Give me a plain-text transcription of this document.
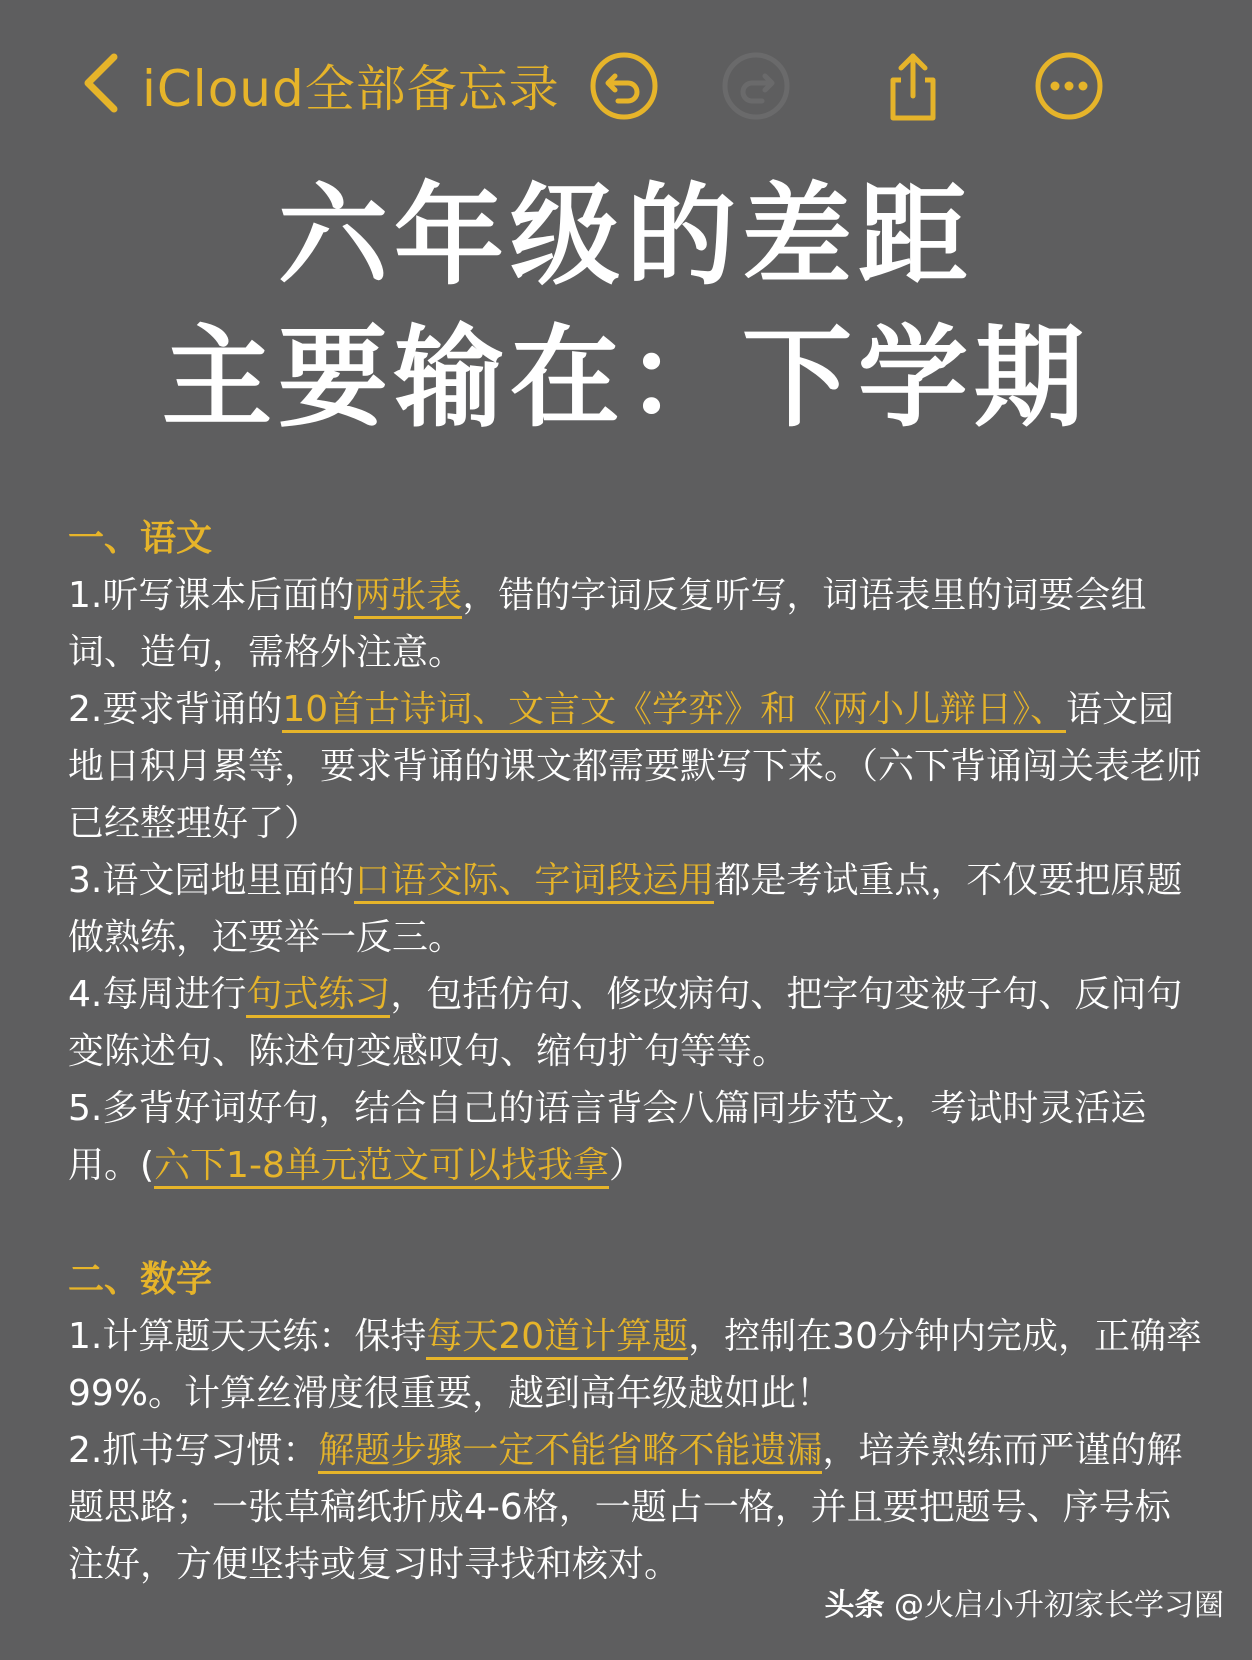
iCloud全部备忘录
六年级的差距
主要输在：下学期
一、语文

1.听写课本后面的两张表，错的字词反复听写，词语表里的词要会组词、造句，需格外注意。

2.要求背诵的10首古诗词、文言文《学弈》和《两小儿辩日》、语文园地日积月累等，要求背诵的课文都需要默写下来。（六下背诵闯关表老师已经整理好了）

3.语文园地里面的口语交际、字词段运用都是考试重点，不仅要把原题做熟练，还要举一反三。

4.每周进行句式练习，包括仿句、修改病句、把字句变被子句、反问句变陈述句、陈述句变感叹句、缩句扩句等等。

5.多背好词好句，结合自己的语言背会八篇同步范文，考试时灵活运用。(六下1-8单元范文可以找我拿）

二、数学

1.计算题天天练：保持每天20道计算题，控制在30分钟内完成，正确率99%。计算丝滑度很重要，越到高年级越如此！

2.抓书写习惯：解题步骤一定不能省略不能遗漏，培养熟练而严谨的解题思路；一张草稿纸折成4-6格，一题占一格，并且要把题号、序号标注好，方便坚持或复习时寻找和核对。

头条 @火启小升初家长学习圈
